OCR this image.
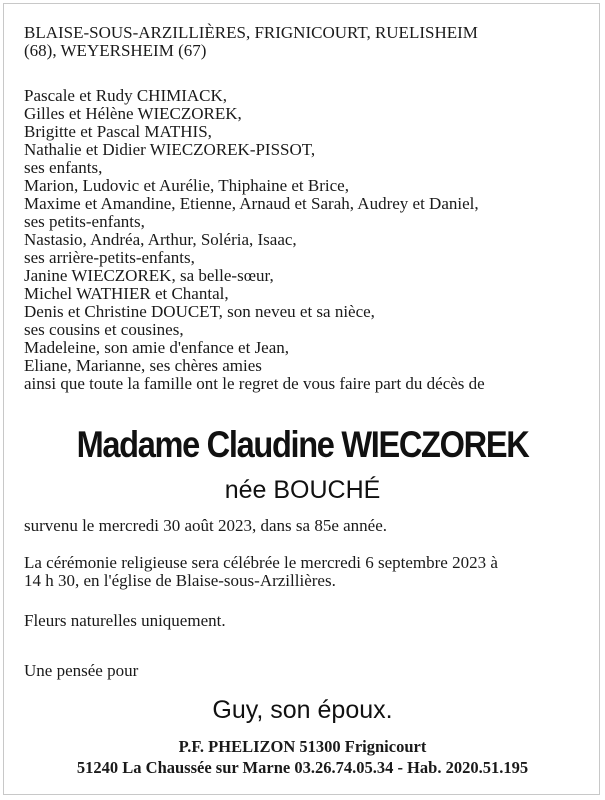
BLAISE-SOUS-ARZILLIÈRES, FRIGNICOURT, RUELISHEIM
(68), WEYERSHEIM (67)
Pascale et Rudy CHIMIACK,
Gilles et Hélène WIECZOREK,
Brigitte et Pascal MATHIS,
Nathalie et Didier WIECZOREK-PISSOT,
ses enfants,
Marion, Ludovic et Aurélie, Thiphaine et Brice,
Maxime et Amandine, Etienne, Arnaud et Sarah, Audrey et Daniel,
ses petits-enfants,
Nastasio, Andréa, Arthur, Soléria, Isaac,
ses arrière-petits-enfants,
Janine WIECZOREK, sa belle-sœur,
Michel WATHIER et Chantal,
Denis et Christine DOUCET, son neveu et sa nièce,
ses cousins et cousines,
Madeleine, son amie d'enfance et Jean,
Eliane, Marianne, ses chères amies
ainsi que toute la famille ont le regret de vous faire part du décès de
Madame Claudine WIECZOREK
née BOUCHÉ
survenu le mercredi 30 août 2023, dans sa 85e année.
La cérémonie religieuse sera célébrée le mercredi 6 septembre 2023 à
14 h 30, en l'église de Blaise-sous-Arzillières.
Fleurs naturelles uniquement.
Une pensée pour
Guy, son époux.
P.F. PHELIZON 51300 Frignicourt
51240 La Chaussée sur Marne 03.26.74.05.34 - Hab. 2020.51.195
